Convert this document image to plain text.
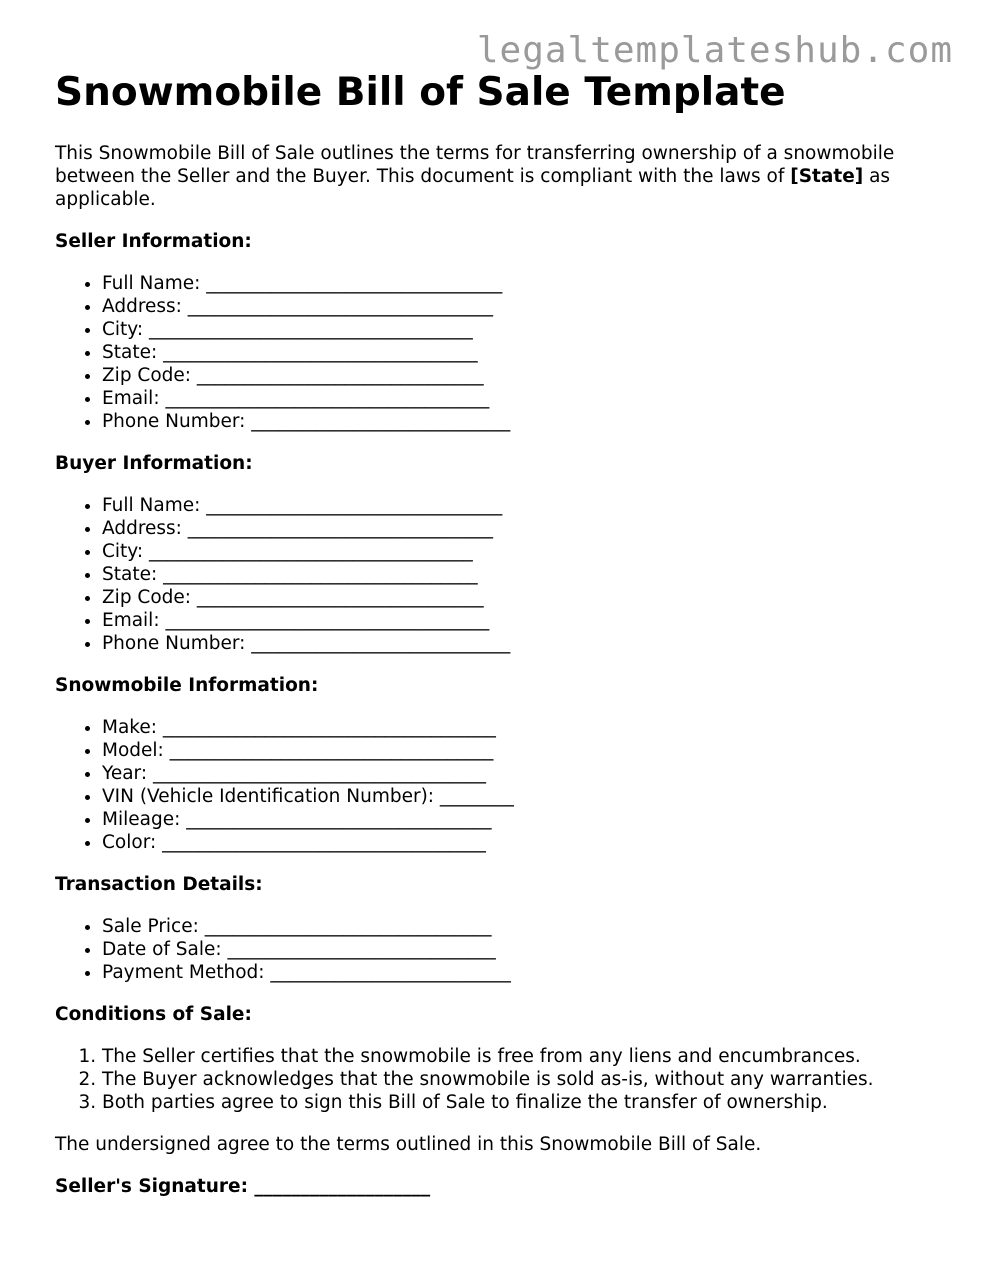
legaltemplateshub.com
Snowmobile Bill of Sale Template

This Snowmobile Bill of Sale outlines the terms for transferring ownership of a snowmobile between the Seller and the Buyer. This document is compliant with the laws of [State] as applicable.

Seller Information:

• Full Name: ________________________________
• Address: _________________________________
• City: ___________________________________
• State: __________________________________
• Zip Code: _______________________________
• Email: ___________________________________
• Phone Number: ____________________________

Buyer Information:

• Full Name: ________________________________
• Address: _________________________________
• City: ___________________________________
• State: __________________________________
• Zip Code: _______________________________
• Email: ___________________________________
• Phone Number: ____________________________

Snowmobile Information:

• Make: ____________________________________
• Model: ___________________________________
• Year: ____________________________________
• VIN (Vehicle Identification Number): ________
• Mileage: _________________________________
• Color: ___________________________________

Transaction Details:

• Sale Price: _______________________________
• Date of Sale: _____________________________
• Payment Method: __________________________

Conditions of Sale:

1. The Seller certifies that the snowmobile is free from any liens and encumbrances.
2. The Buyer acknowledges that the snowmobile is sold as-is, without any warranties.
3. Both parties agree to sign this Bill of Sale to finalize the transfer of ownership.

The undersigned agree to the terms outlined in this Snowmobile Bill of Sale.

Seller's Signature: ___________________
